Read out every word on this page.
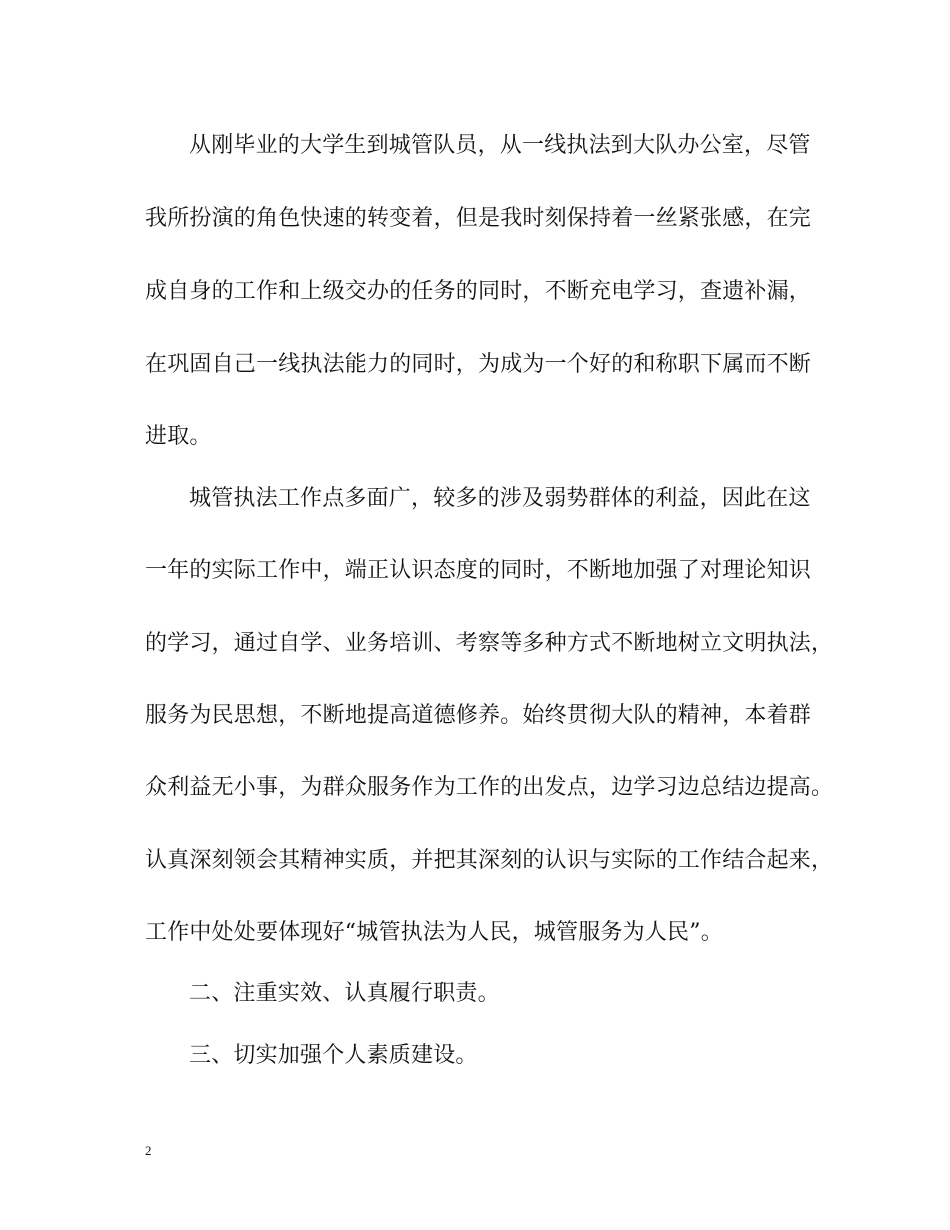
从刚毕业的大学生到城管队员，从一线执法到大队办公室，尽管
我所扮演的角色快速的转变着，但是我时刻保持着一丝紧张感，在完
成自身的工作和上级交办的任务的同时，不断充电学习，查遗补漏，
在巩固自己一线执法能力的同时，为成为一个好的和称职下属而不断
进取。
城管执法工作点多面广，较多的涉及弱势群体的利益，因此在这
一年的实际工作中，端正认识态度的同时，不断地加强了对理论知识
的学习，通过自学、业务培训、考察等多种方式不断地树立文明执法，
服务为民思想，不断地提高道德修养。始终贯彻大队的精神，本着群
众利益无小事，为群众服务作为工作的出发点，边学习边总结边提高。
认真深刻领会其精神实质，并把其深刻的认识与实际的工作结合起来，
工作中处处要体现好“城管执法为人民，城管服务为人民”。
二、注重实效、认真履行职责。
三、切实加强个人素质建设。
2
